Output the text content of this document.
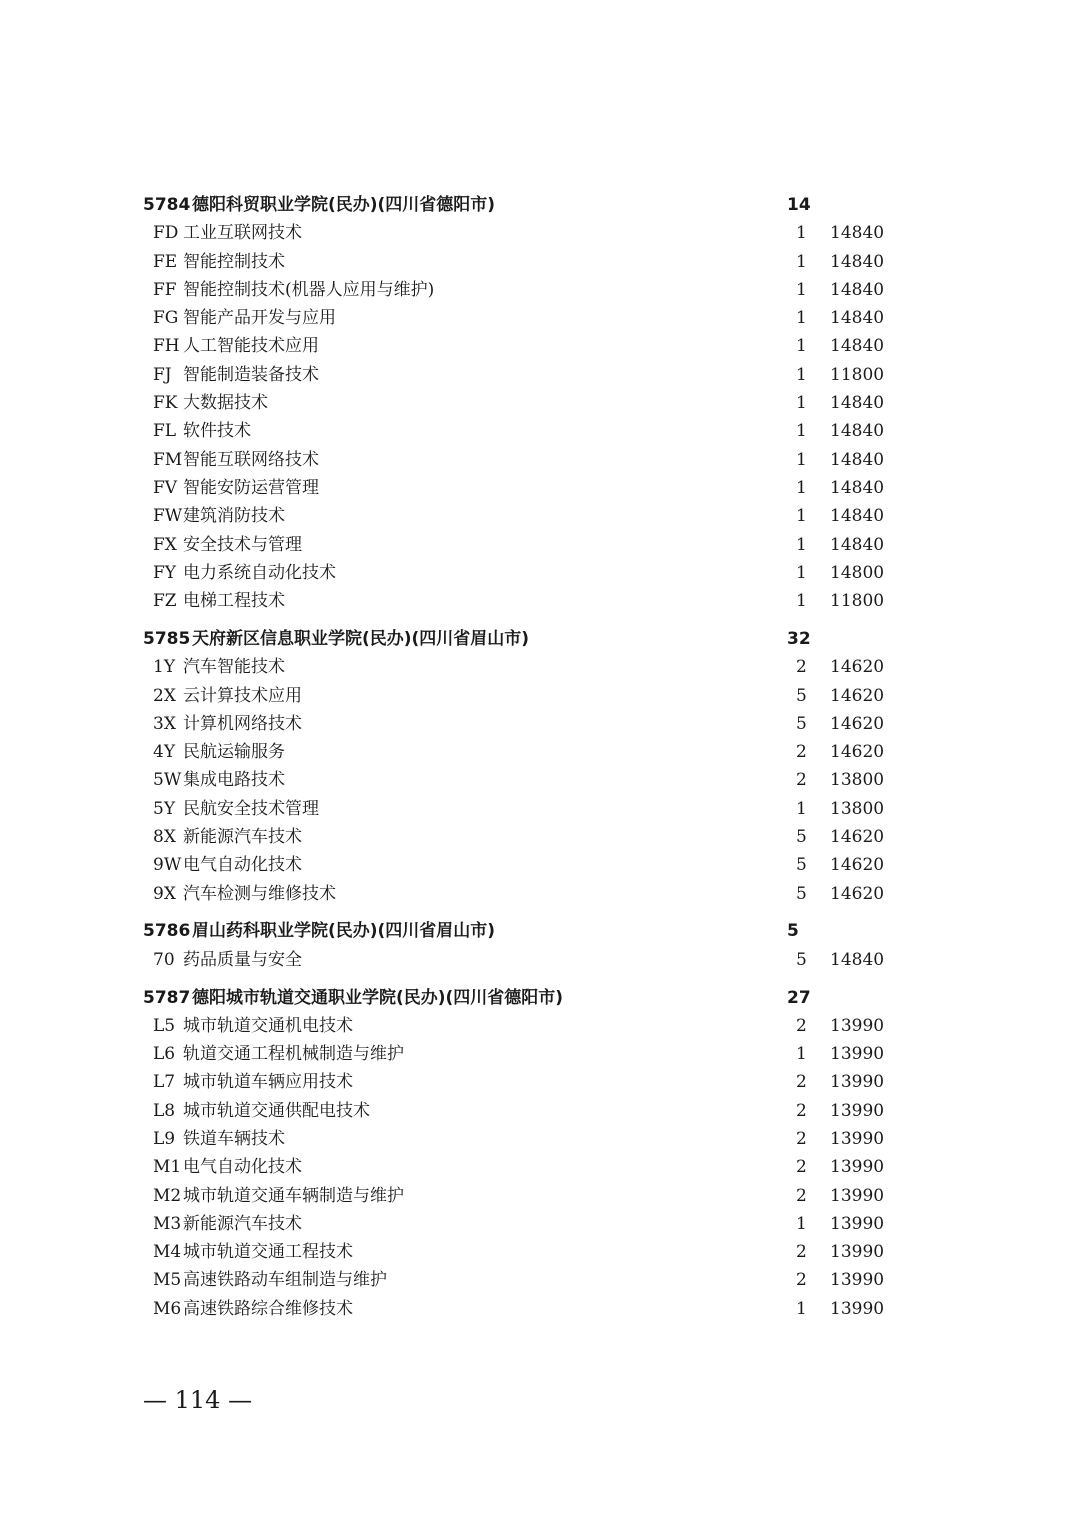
5784 德阳科贸职业学院(民办)(四川省德阳市)	14
FD 工业互联网技术	1 14840
FE 智能控制技术	1 14840
FF 智能控制技术(机器人应用与维护)	1 14840
FG 智能产品开发与应用	1 14840
FH 人工智能技术应用	1 14840
FJ 智能制造装备技术	1 11800
FK 大数据技术	1 14840
FL 软件技术	1 14840
FM 智能互联网络技术	1 14840
FV 智能安防运营管理	1 14840
FW 建筑消防技术	1 14840
FX 安全技术与管理	1 14840
FY 电力系统自动化技术	1 14800
FZ 电梯工程技术	1 11800
5785 天府新区信息职业学院(民办)(四川省眉山市)	32
1Y 汽车智能技术	2 14620
2X 云计算技术应用	5 14620
3X 计算机网络技术	5 14620
4Y 民航运输服务	2 14620
5W 集成电路技术	2 13800
5Y 民航安全技术管理	1 13800
8X 新能源汽车技术	5 14620
9W 电气自动化技术	5 14620
9X 汽车检测与维修技术	5 14620
5786 眉山药科职业学院(民办)(四川省眉山市)	5
70 药品质量与安全	5 14840
5787 德阳城市轨道交通职业学院(民办)(四川省德阳市)	27
L5 城市轨道交通机电技术	2 13990
L6 轨道交通工程机械制造与维护	1 13990
L7 城市轨道车辆应用技术	2 13990
L8 城市轨道交通供配电技术	2 13990
L9 铁道车辆技术	2 13990
M1 电气自动化技术	2 13990
M2 城市轨道交通车辆制造与维护	2 13990
M3 新能源汽车技术	1 13990
M4 城市轨道交通工程技术	2 13990
M5 高速铁路动车组制造与维护	2 13990
M6 高速铁路综合维修技术	1 13990
— 114 —
